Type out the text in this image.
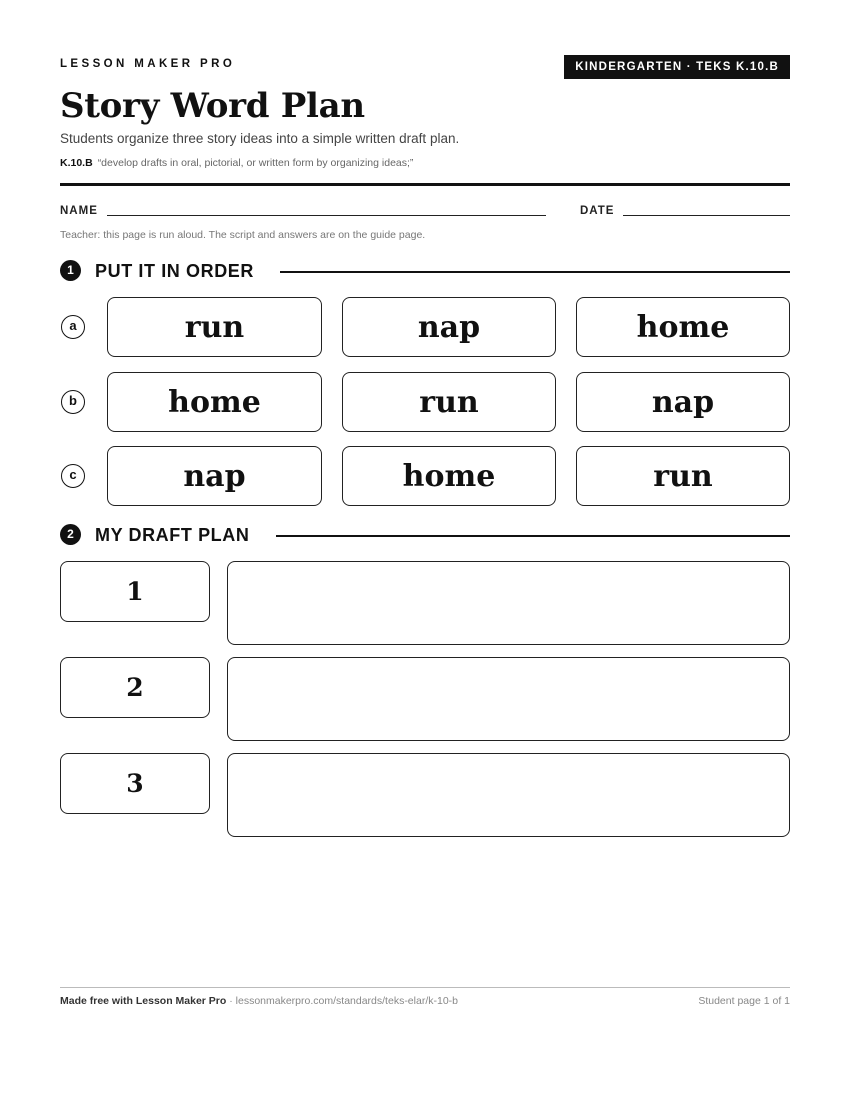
LESSON MAKER PRO	KINDERGARTEN · TEKS K.10.B
Story Word Plan
Students organize three story ideas into a simple written draft plan.
K.10.B “develop drafts in oral, pictorial, or written form by organizing ideas;”
NAME	DATE
Teacher: this page is run aloud. The script and answers are on the guide page.
1	PUT IT IN ORDER
a	run	nap	home
b	home	run	nap
c	nap	home	run
2	MY DRAFT PLAN
1
2
3
Made free with Lesson Maker Pro · lessonmakerpro.com/standards/teks-elar/k-10-b	Student page 1 of 1
